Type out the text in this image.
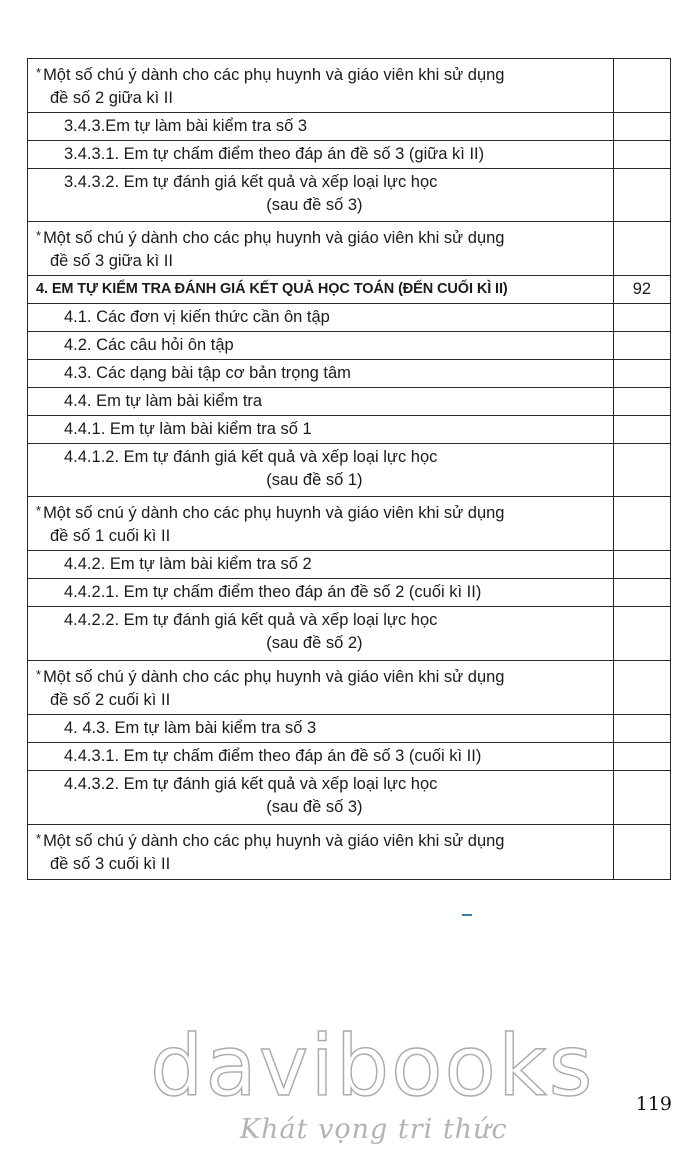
* Một số chú ý dành cho các phụ huynh và giáo viên khi sử dụng
đề số 2 giữa kì II	

3.4.3.Em tự làm bài kiểm tra số 3	
3.4.3.1. Em tự chấm điểm theo đáp án đề số 3 (giữa kì II)	
3.4.3.2. Em tự đánh giá kết quả và xếp loại lực học
(sau đề số 3)	

* Một số chú ý dành cho các phụ huynh và giáo viên khi sử dụng
đề số 3 giữa kì II	

4. EM TỰ KIỂM TRA ĐÁNH GIÁ KẾT QUẢ HỌC TOÁN (ĐẾN CUỐI KÌ II)	92
4.1. Các đơn vị kiến thức cần ôn tập	
4.2. Các câu hỏi ôn tập	
4.3. Các dạng bài tập cơ bản trọng tâm	
4.4. Em tự làm bài kiểm tra	
4.4.1. Em tự làm bài kiểm tra số 1	
4.4.1.2. Em tự đánh giá kết quả và xếp loại lực học
(sau đề số 1)	

* Một số cnú ý dành cho các phụ huynh và giáo viên khi sử dụng
đề số 1 cuối kì II	

4.4.2. Em tự làm bài kiểm tra số 2	
4.4.2.1. Em tự chấm điểm theo đáp án đề số 2 (cuối kì II)	
4.4.2.2. Em tự đánh giá kết quả và xếp loại lực học
(sau đề số 2)	

* Một số chú ý dành cho các phụ huynh và giáo viên khi sử dụng
đề số 2 cuối kì II	

4. 4.3. Em tự làm bài kiểm tra số 3	
4.4.3.1. Em tự chấm điểm theo đáp án đề số 3 (cuối kì II)	
4.4.3.2. Em tự đánh giá kết quả và xếp loại lực học
(sau đề số 3)	

* Một số chú ý dành cho các phụ huynh và giáo viên khi sử dụng
đề số 3 cuối kì II	

davibooks
Khát vọng tri thức
119
